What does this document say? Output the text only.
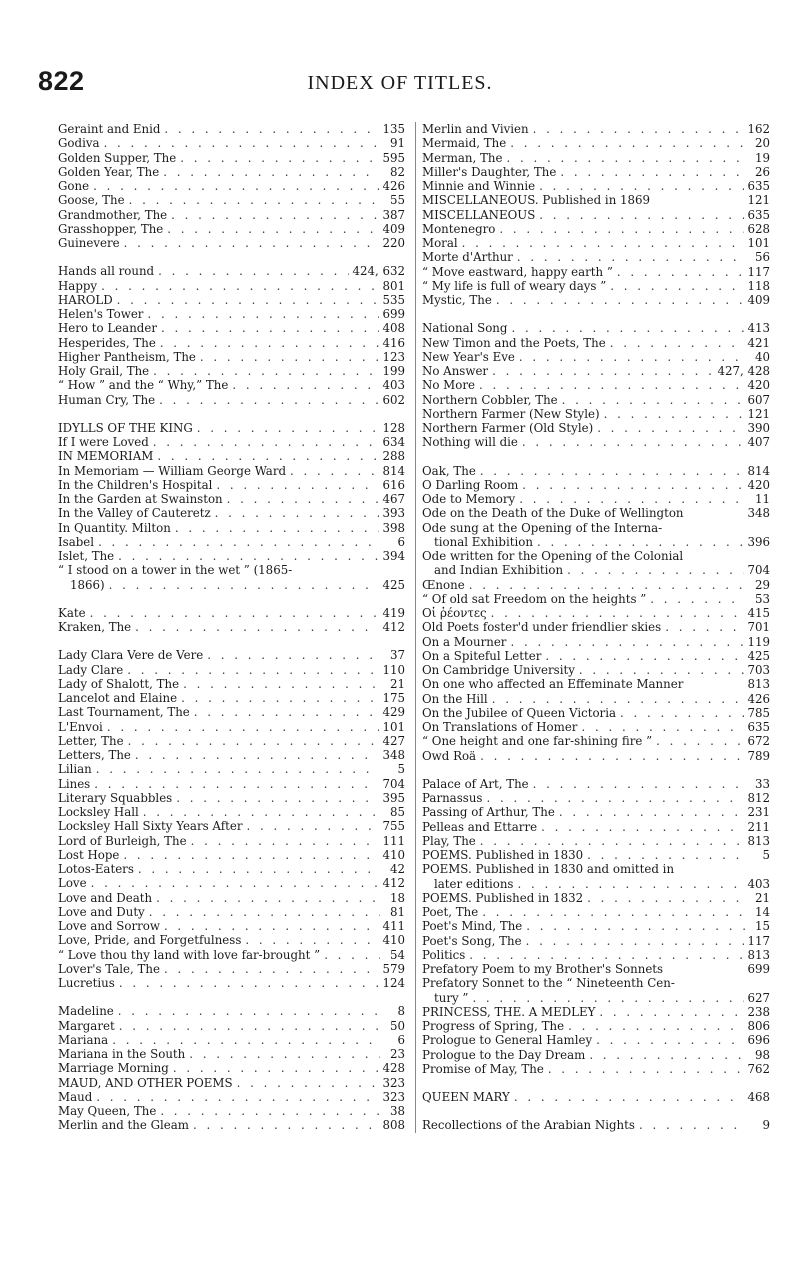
822	INDEX OF TITLES.
Geraint and Enid . . .	135
Godiva . . .	91
Golden Supper, The . . .	595
Golden Year, The . . .	82
Gone . . .	426
Goose, The . . .	55
Grandmother, The . . .	387
Grasshopper, The . . .	409
Guinevere . . .	220
Hands all round . . .	424, 632
Happy . . .	801
HAROLD . . .	535
Helen's Tower . . .	699
Hero to Leander . . .	408
Hesperides, The . . .	416
Higher Pantheism, The . . .	123
Holy Grail, The . . .	199
“ How ” and the “ Why,” The . . .	403
Human Cry, The . . .	602
IDYLLS OF THE KING . . .	128
If I were Loved . . .	634
IN MEMORIAM . . .	288
In Memoriam — William George Ward . . .	814
In the Children's Hospital . . .	616
In the Garden at Swainston . . .	467
In the Valley of Cauteretz . . .	393
In Quantity. Milton . . .	398
Isabel . . .	6
Islet, The . . .	394
“ I stood on a tower in the wet ” (1865-
1866) . . .	425
Kate . . .	419
Kraken, The . . .	412
Lady Clara Vere de Vere . . .	37
Lady Clare . . .	110
Lady of Shalott, The . . .	21
Lancelot and Elaine . . .	175
Last Tournament, The . . .	429
L'Envoi . . .	101
Letter, The . . .	427
Letters, The . . .	348
Lilian . . .	5
Lines . . .	704
Literary Squabbles . . .	395
Locksley Hall . . .	85
Locksley Hall Sixty Years After . . .	755
Lord of Burleigh, The . . .	111
Lost Hope . . .	410
Lotos-Eaters . . .	42
Love . . .	412
Love and Death . . .	18
Love and Duty . . .	81
Love and Sorrow . . .	411
Love, Pride, and Forgetfulness . . .	410
“ Love thou thy land with love far-brought ” . . .	54
Lover's Tale, The . . .	579
Lucretius . . .	124
Madeline . . .	8
Margaret . . .	50
Mariana . . .	6
Mariana in the South . . .	23
Marriage Morning . . .	428
MAUD, AND OTHER POEMS . . .	323
Maud . . .	323
May Queen, The . . .	38
Merlin and the Gleam . . .	808
Merlin and Vivien . . .	162
Mermaid, The . . .	20
Merman, The . . .	19
Miller's Daughter, The . . .	26
Minnie and Winnie . . .	635
MISCELLANEOUS. Published in 1869	121
MISCELLANEOUS . . .	635
Montenegro . . .	628
Moral . . .	101
Morte d'Arthur . . .	56
“ Move eastward, happy earth ” . . .	117
“ My life is full of weary days ” . . .	118
Mystic, The . . .	409
National Song . . .	413
New Timon and the Poets, The . . .	421
New Year's Eve . . .	40
No Answer . . .	427, 428
No More . . .	420
Northern Cobbler, The . . .	607
Northern Farmer (New Style) . . .	121
Northern Farmer (Old Style) . . .	390
Nothing will die . . .	407
Oak, The . . .	814
O Darling Room . . .	420
Ode to Memory . . .	11
Ode on the Death of the Duke of Wellington	348
Ode sung at the Opening of the Interna-
tional Exhibition . . .	396
Ode written for the Opening of the Colonial
and Indian Exhibition . . .	704
Œnone . . .	29
“ Of old sat Freedom on the heights ” . . .	53
Οἱ ῥέοντες . . .	415
Old Poets foster'd under friendlier skies . . .	701
On a Mourner . . .	119
On a Spiteful Letter . . .	425
On Cambridge University . . .	703
On one who affected an Effeminate Manner	813
On the Hill . . .	426
On the Jubilee of Queen Victoria . . .	785
On Translations of Homer . . .	635
“ One height and one far-shining fire ” . . .	672
Owd Roä . . .	789
Palace of Art, The . . .	33
Parnassus . . .	812
Passing of Arthur, The . . .	231
Pelleas and Ettarre . . .	211
Play, The . . .	813
POEMS. Published in 1830 . . .	5
POEMS. Published in 1830 and omitted in
later editions . . .	403
POEMS. Published in 1832 . . .	21
Poet, The . . .	14
Poet's Mind, The . . .	15
Poet's Song, The . . .	117
Politics . . .	813
Prefatory Poem to my Brother's Sonnets	699
Prefatory Sonnet to the “ Nineteenth Cen-
tury ” . . .	627
PRINCESS, THE. A MEDLEY . . .	238
Progress of Spring, The . . .	806
Prologue to General Hamley . . .	696
Prologue to the Day Dream . . .	98
Promise of May, The . . .	762
QUEEN MARY . . .	468
Recollections of the Arabian Nights . . .	9
